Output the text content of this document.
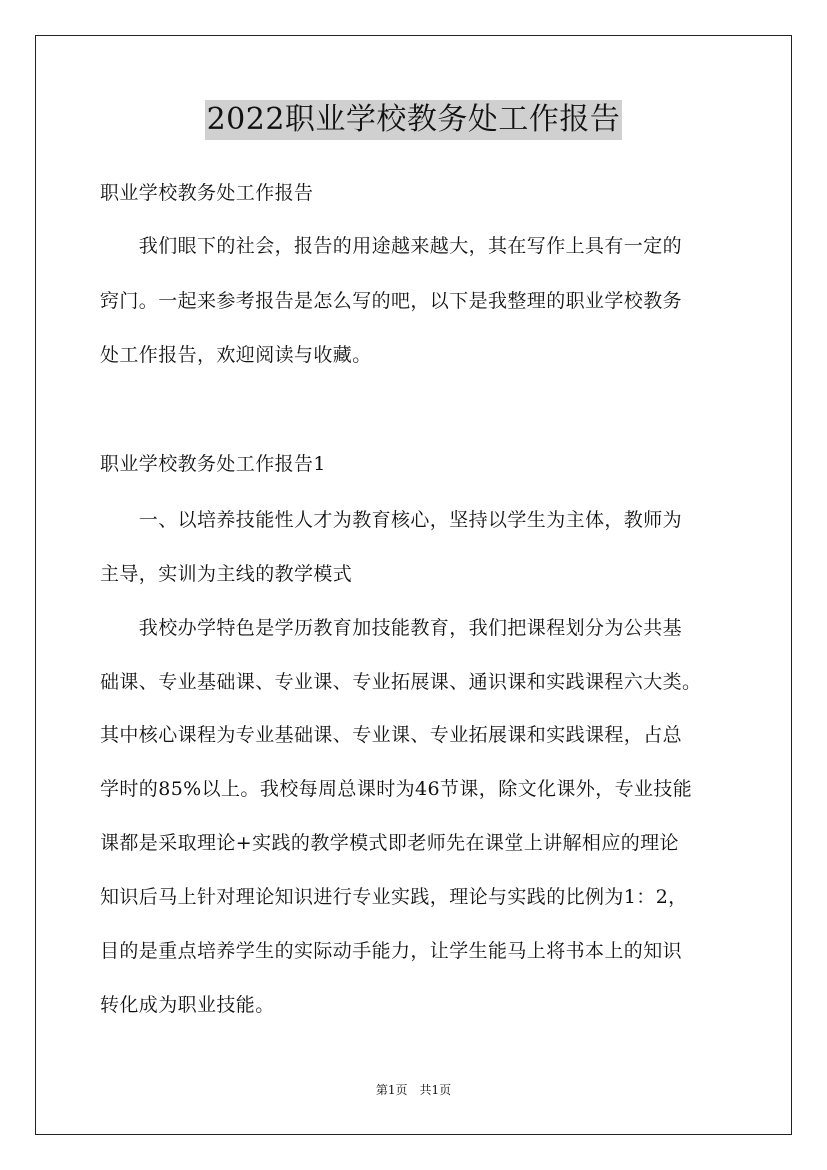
2022职业学校教务处工作报告
职业学校教务处工作报告
　　我们眼下的社会，报告的用途越来越大，其在写作上具有一定的
窍门。一起来参考报告是怎么写的吧，以下是我整理的职业学校教务
处工作报告，欢迎阅读与收藏。
职业学校教务处工作报告1
　　一、以培养技能性人才为教育核心，坚持以学生为主体，教师为
主导，实训为主线的教学模式
　　我校办学特色是学历教育加技能教育，我们把课程划分为公共基
础课、专业基础课、专业课、专业拓展课、通识课和实践课程六大类。
其中核心课程为专业基础课、专业课、专业拓展课和实践课程，占总
学时的85%以上。我校每周总课时为46节课，除文化课外，专业技能
课都是采取理论+实践的教学模式即老师先在课堂上讲解相应的理论
知识后马上针对理论知识进行专业实践，理论与实践的比例为1：2，
目的是重点培养学生的实际动手能力，让学生能马上将书本上的知识
转化成为职业技能。
第1页　共1页
